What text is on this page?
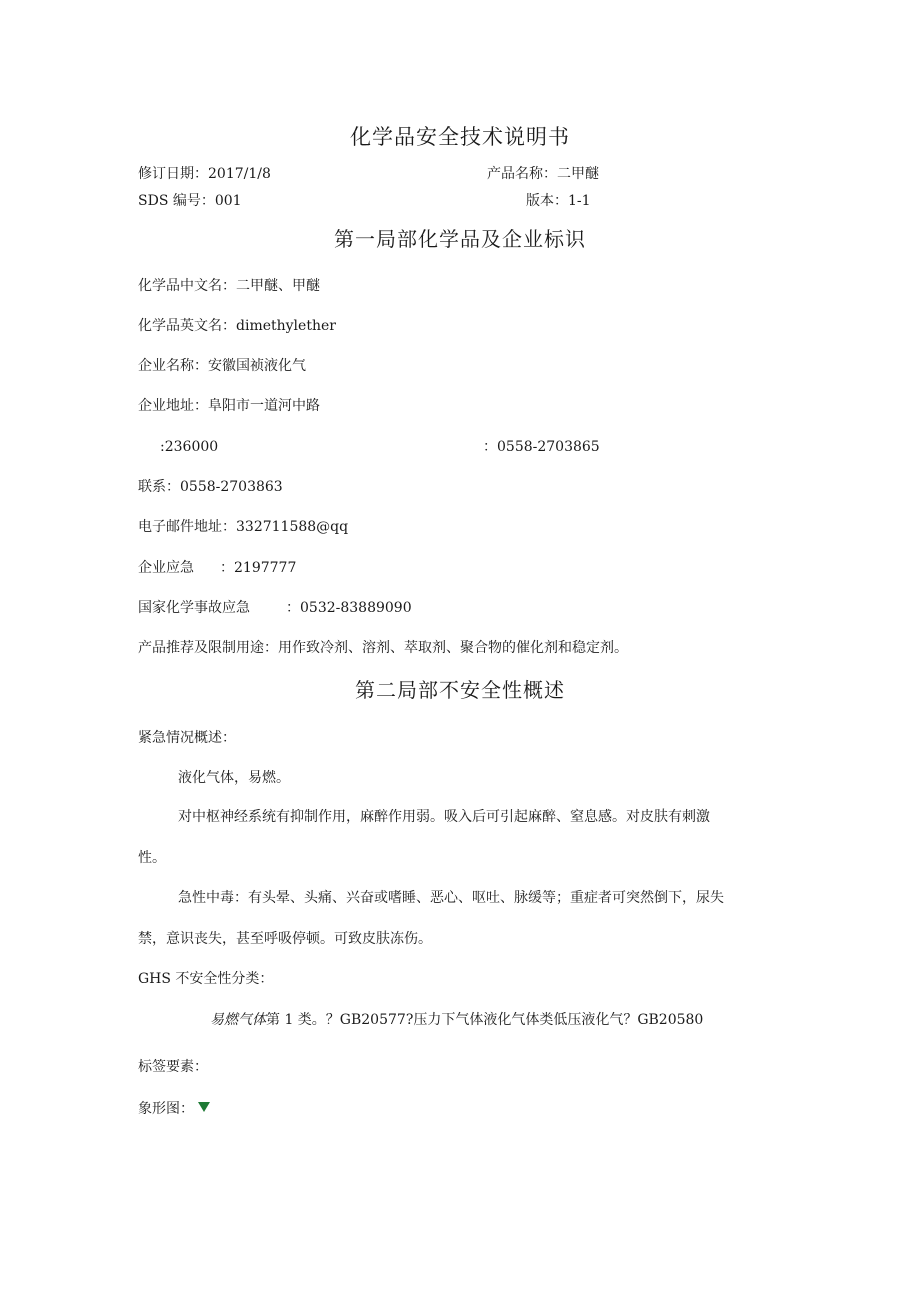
化学品安全技术说明书
修订日期：2017/1/8	产品名称：二甲醚
SDS 编号：001	版本：1-1
第一局部化学品及企业标识
化学品中文名：二甲醚、甲醚
化学品英文名：dimethylether
企业名称：安徽国祯液化气
企业地址：阜阳市一道河中路
:236000	：0558-2703865
联系：0558-2703863
电子邮件地址：332711588@qq
企业应急 ：2197777
国家化学事故应急	：0532-83889090
产品推荐及限制用途：用作致冷剂、溶剂、萃取剂、聚合物的催化剂和稳定剂。
第二局部不安全性概述
紧急情况概述：
液化气体，易燃。
对中枢神经系统有抑制作用，麻醉作用弱。吸入后可引起麻醉、窒息感。对皮肤有刺激
性。
急性中毒：有头晕、头痛、兴奋或嗜睡、恶心、呕吐、脉缓等；重症者可突然倒下，尿失
禁，意识丧失，甚至呼吸停顿。可致皮肤冻伤。
GHS 不安全性分类：
易燃气体第 1 类。？GB20577?压力下气体液化气体类低压液化气？GB20580
标签要素：
象形图：
